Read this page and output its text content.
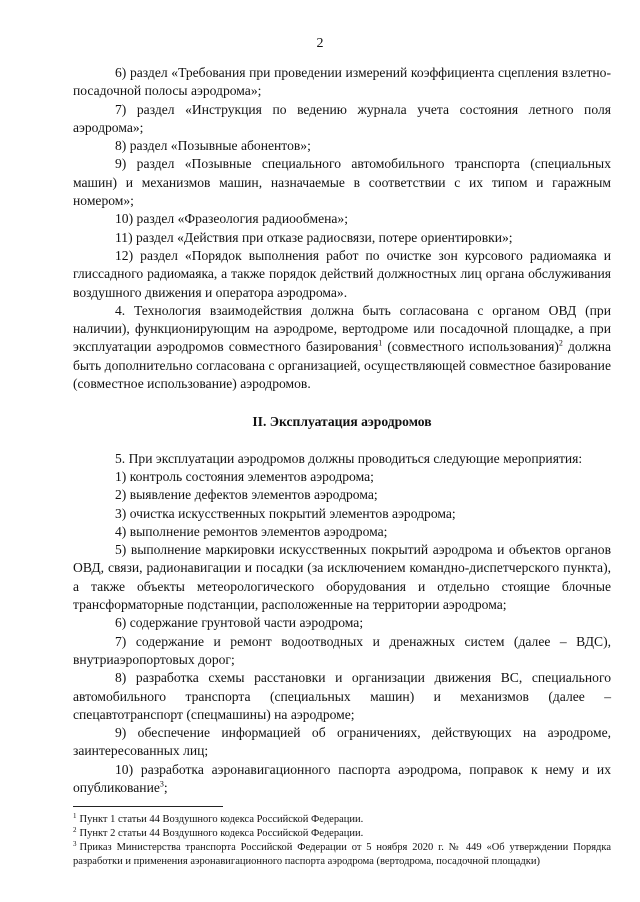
2

6) раздел «Требования при проведении измерений коэффициента сцепления взлетно-посадочной полосы аэродрома»;

7) раздел «Инструкция по ведению журнала учета состояния летного поля аэродрома»;

8) раздел «Позывные абонентов»;

9) раздел «Позывные специального автомобильного транспорта (специальных машин) и механизмов машин, назначаемые в соответствии с их типом и гаражным номером»;

10) раздел «Фразеология радиообмена»;

11) раздел «Действия при отказе радиосвязи, потере ориентировки»;

12) раздел «Порядок выполнения работ по очистке зон курсового радиомаяка и глиссадного радиомаяка, а также порядок действий должностных лиц органа обслуживания воздушного движения и оператора аэродрома».

4. Технология взаимодействия должна быть согласована с органом ОВД (при наличии), функционирующим на аэродроме, вертодроме или посадочной площадке, а при эксплуатации аэродромов совместного базирования$^1$ (совместного использования)$^2$ должна быть дополнительно согласована с организацией, осуществляющей совместное базирование (совместное использование) аэродромов.

II. Эксплуатация аэродромов

5. При эксплуатации аэродромов должны проводиться следующие мероприятия:

1) контроль состояния элементов аэродрома;

2) выявление дефектов элементов аэродрома;

3) очистка искусственных покрытий элементов аэродрома;

4) выполнение ремонтов элементов аэродрома;

5) выполнение маркировки искусственных покрытий аэродрома и объектов органов ОВД, связи, радионавигации и посадки (за исключением командно-диспетчерского пункта), а также объекты метеорологического оборудования и отдельно стоящие блочные трансформаторные подстанции, расположенные на территории аэродрома;

6) содержание грунтовой части аэродрома;

7) содержание и ремонт водоотводных и дренажных систем (далее – ВДС), внутриаэропортовых дорог;

8) разработка схемы расстановки и организации движения ВС, специального автомобильного транспорта (специальных машин) и механизмов (далее – спецавтотранспорт (спецмашины) на аэродроме;

9) обеспечение информацией об ограничениях, действующих на аэродроме, заинтересованных лиц;

10) разработка аэронавигационного паспорта аэродрома, поправок к нему и их опубликование$^3$;

$^1$ Пункт 1 статьи 44 Воздушного кодекса Российской Федерации.

$^2$ Пункт 2 статьи 44 Воздушного кодекса Российской Федерации.

$^3$ Приказ Министерства транспорта Российской Федерации от 5 ноября 2020 г. № 449 «Об утверждении Порядка разработки и применения аэронавигационного паспорта аэродрома (вертодрома, посадочной площадки)
